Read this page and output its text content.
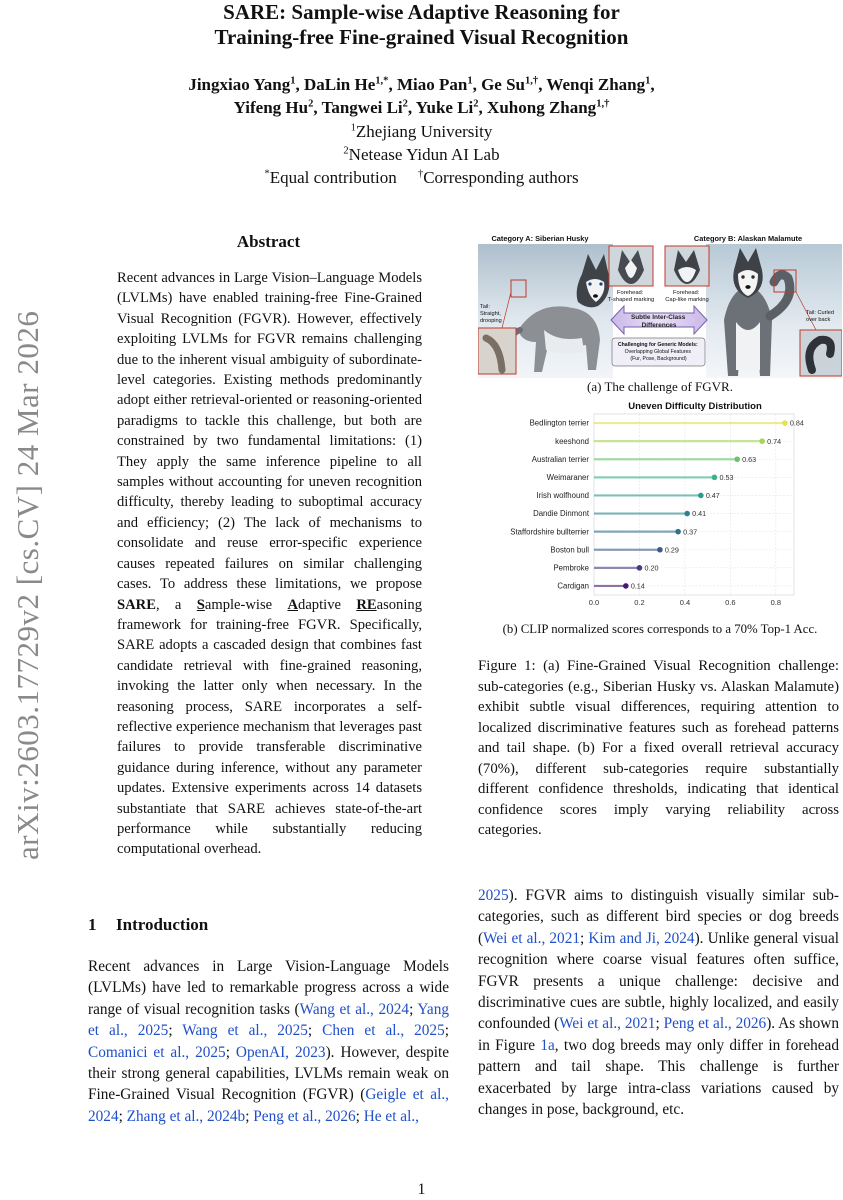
arXiv:2603.17729v2 [cs.CV] 24 Mar 2026
SARE: Sample-wise Adaptive Reasoning for
Training-free Fine-grained Visual Recognition
Jingxiao Yang$^1$, DaLin $He^{1,*}$, Miao Pan$^1$, Ge $Su^{1,\dagger}$, Wenqi Zhang$^1$,
Yifeng Hu$^2$, Tangwei Li$^2$, Yuke Li$^2$, Xuhong Zhang$^{1,\dagger}$
$^1$Zhejiang University
$^2$Netease Yidun AI Lab
*Equal contribution †Corresponding authors
Abstract
Recent advances in Large Vision–Language Models (LVLMs) have enabled training-free Fine-Grained Visual Recognition (FGVR). However, effectively exploiting LVLMs for FGVR remains challenging due to the inherent visual ambiguity of subordinate-level categories. Existing methods predominantly adopt either retrieval-oriented or reasoning-oriented paradigms to tackle this challenge, but both are constrained by two fundamental limitations: (1) They apply the same inference pipeline to all samples without accounting for uneven recognition difficulty, thereby leading to suboptimal accuracy and efficiency; (2) The lack of mechanisms to consolidate and reuse error-specific experience causes repeated failures on similar challenging cases. To address these limitations, we propose SARE, a Sample-wise Adaptive REasoning framework for training-free FGVR. Specifically, SARE adopts a cascaded design that combines fast candidate retrieval with fine-grained reasoning, invoking the latter only when necessary. In the reasoning process, SARE incorporates a self-reflective experience mechanism that leverages past failures to provide transferable discriminative guidance during inference, without any parameter updates. Extensive experiments across 14 datasets substantiate that SARE achieves state-of-the-art performance while substantially reducing computational overhead.
1 Introduction
Recent advances in Large Vision-Language Models (LVLMs) have led to remarkable progress across a wide range of visual recognition tasks (Wang et al., 2024; Yang et al., 2025; Wang et al., 2025; Chen et al., 2025; Comanici et al., 2025; OpenAI, 2023). However, despite their strong general capabilities, LVLMs remain weak on Fine-Grained Visual Recognition (FGVR) (Geigle et al., 2024; Zhang et al., 2024b; Peng et al., 2026; He et al.,
Category A: Siberian Husky	Category B: Alaskan Malamute
Tail: Straight, drooping
Forehead: T-shaped marking
Forehead: Cap-like marking
Subtle Inter-Class Differences
Challenging for Generic Models: Overlapping Global Features (Fur, Pose, Background)
Tail: Curled over back
(a) The challenge of FGVR.
Uneven Difficulty Distribution
0.84
0.74
0.63
0.53
0.47
0.41
0.37
0.29
0.20
0.14
Bedlington terrier
keeshond
Australian terrier
Weimaraner
Irish wolfhound
Dandie Dinmont
Staffordshire bullterrier
Boston bull
Pembroke
Cardigan
0.0	0.2	0.4	0.6	0.8
(b) CLIP normalized scores corresponds to a 70% Top-1 Acc.
Figure 1: (a) Fine-Grained Visual Recognition challenge: sub-categories (e.g., Siberian Husky vs. Alaskan Malamute) exhibit subtle visual differences, requiring attention to localized discriminative features such as forehead patterns and tail shape. (b) For a fixed overall retrieval accuracy (70%), different sub-categories require substantially different confidence thresholds, indicating that identical confidence scores imply varying reliability across categories.
2025). FGVR aims to distinguish visually similar sub-categories, such as different bird species or dog breeds (Wei et al., 2021; Kim and Ji, 2024). Unlike general visual recognition where coarse visual features often suffice, FGVR presents a unique challenge: decisive and discriminative cues are subtle, highly localized, and easily confounded (Wei et al., 2021; Peng et al., 2026). As shown in Figure 1a, two dog breeds may only differ in forehead pattern and tail shape. This challenge is further exacerbated by large intra-class variations caused by changes in pose, background, etc.
1
